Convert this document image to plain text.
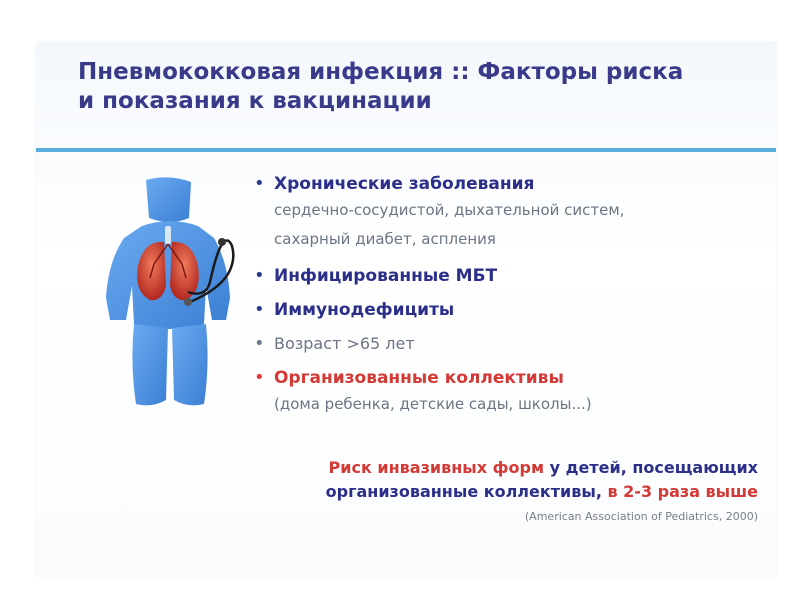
Пневмококковая инфекция :: Факторы риска
и показания к вакцинации
• Хронические заболевания
сердечно-сосудистой, дыхательной систем,
сахарный диабет, аспления
• Инфицированные МБТ
• Иммунодефициты
• Возраст >65 лет
• Организованные коллективы
(дома ребенка, детские сады, школы...)

Риск инвазивных форм у детей, посещающих
организованные коллективы, в 2-3 раза выше

(American Association of Pediatrics, 2000)
